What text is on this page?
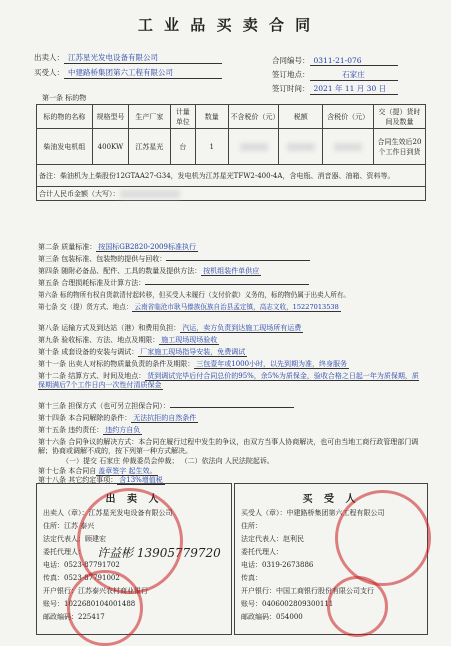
工 业 品 买 卖 合 同
出卖人： 江苏星光发电设备有限公司
买受人： 中建路桥集团第六工程有限公司
合同编号： 0311-21-076
签订地点：	石家庄
签订时间： 2021 年 11 月 30 日
第一条 标的物
标的物的名称	规格型号	生产厂家	计量单位	数量	不含税价（元）	税额	含税价（元）	交（提）货时间及数量
柴油发电机组	400KW	江苏星光	台	1				合同生效后20个工作日到货
备注：柴油机为上柴股份12GTAA27-G34，发电机为江苏星光TFW2-400-4A，含电瓶、消音器、油箱、资料等。								
合计人民币金额（大写）：								
第二条 质量标准： 按国标GB2820-2009标准执行
第三条 包装标准、包装物的提供与回收：
第四条 随附必备品、配件、工具的数量及提供方法： 按机组装件单供应
第五条 合理损耗标准及计算方法：
第六条 标的物所有权自货款清付起转移，但买受人未履行（支付价款）义务的，标的物仍属于出卖人所有。
第七条 交（提）货方式、地点： 云南省临沧市耿马傣族佤族自治县孟定镇，高志文收，15227013538
第八条 运输方式及到达站（港）和费用负担： 汽运，卖方负责到达施工现场所有运费
第九条 验收标准、方法、地点及期限： 施工现场现场验收
第十条 成套设备的安装与调试： 厂家施工现场指导安装，免费调试
第十一条 出卖人对标的物质量负责的条件及期限： 三包壹年或1000小时，以先到期为准，终身服务
第十二条 结算方式、时间及地点： 货到调试完毕后付合同总价的95%，余5%为质保金，验收合格之日起一年为质保期，质保期满后7个工作日内一次性付清质保金
第十三条 担保方式（也可另立担保合同）：
第十四条 本合同解除的条件： 无法抗拒的自然条件
第十五条 违约责任： 违约方自负
第十六条 合同争议的解决方式：本合同在履行过程中发生的争议，由双方当事人协商解决，也可由当地工商行政管理部门调解；协商或调解不成的，按下列第一种方式解决。
（一）提交 石家庄 仲裁委员会仲裁； （二）依法向 人民法院起诉。
第十七条 本合同自 盖章签字 起生效。
第十八条 其它约定事项： 含13%增值税
出 卖 人
出卖人（章）：江苏星光发电设备有限公司
住所：江苏 泰兴
法定代表人：顾建宏
委托代理人：
电话：0523-87791702
传真：0523-87791002
开户银行：江苏泰兴农村商业银行
账号：1022680104001488
邮政编码：225417
许益彬 13905779720
买 受 人
买受人（章）：中建路桥集团第六工程有限公司
住所：
法定代表人：赵利民
委托代理人：
电话：0319-2673886
传真：
开户银行：中国工商银行股份有限公司支行
账号：0406002809300111
邮政编码：054000
